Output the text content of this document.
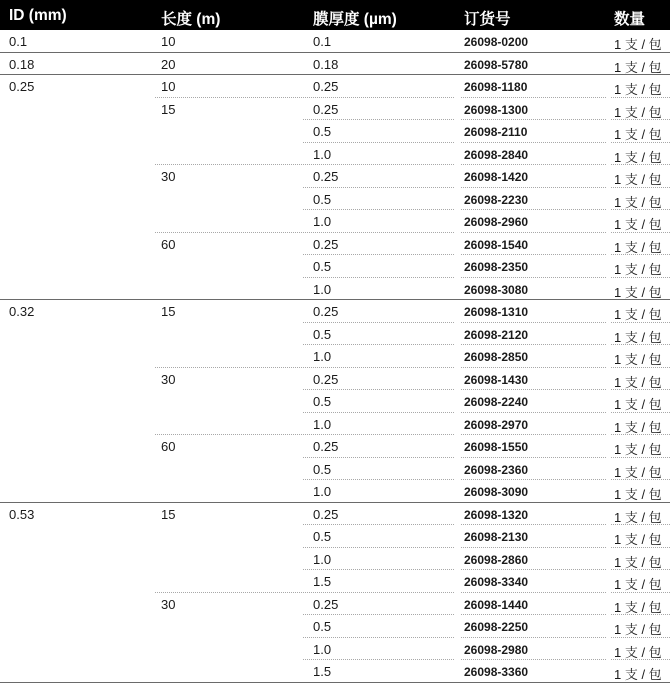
ID (mm)	长度 (m)	膜厚度 (µm)	订货号	数量
0.1	10	0.1	26098-0200	1 支 / 包
0.18	20	0.18	26098-5780	1 支 / 包
0.25	10	0.25	26098-1180	1 支 / 包
15	0.25	26098-1300	1 支 / 包
0.5	26098-2110	1 支 / 包
1.0	26098-2840	1 支 / 包
30	0.25	26098-1420	1 支 / 包
0.5	26098-2230	1 支 / 包
1.0	26098-2960	1 支 / 包
60	0.25	26098-1540	1 支 / 包
0.5	26098-2350	1 支 / 包
1.0	26098-3080	1 支 / 包
0.32	15	0.25	26098-1310	1 支 / 包
0.5	26098-2120	1 支 / 包
1.0	26098-2850	1 支 / 包
30	0.25	26098-1430	1 支 / 包
0.5	26098-2240	1 支 / 包
1.0	26098-2970	1 支 / 包
60	0.25	26098-1550	1 支 / 包
0.5	26098-2360	1 支 / 包
1.0	26098-3090	1 支 / 包
0.53	15	0.25	26098-1320	1 支 / 包
0.5	26098-2130	1 支 / 包
1.0	26098-2860	1 支 / 包
1.5	26098-3340	1 支 / 包
30	0.25	26098-1440	1 支 / 包
0.5	26098-2250	1 支 / 包
1.0	26098-2980	1 支 / 包
1.5	26098-3360	1 支 / 包
